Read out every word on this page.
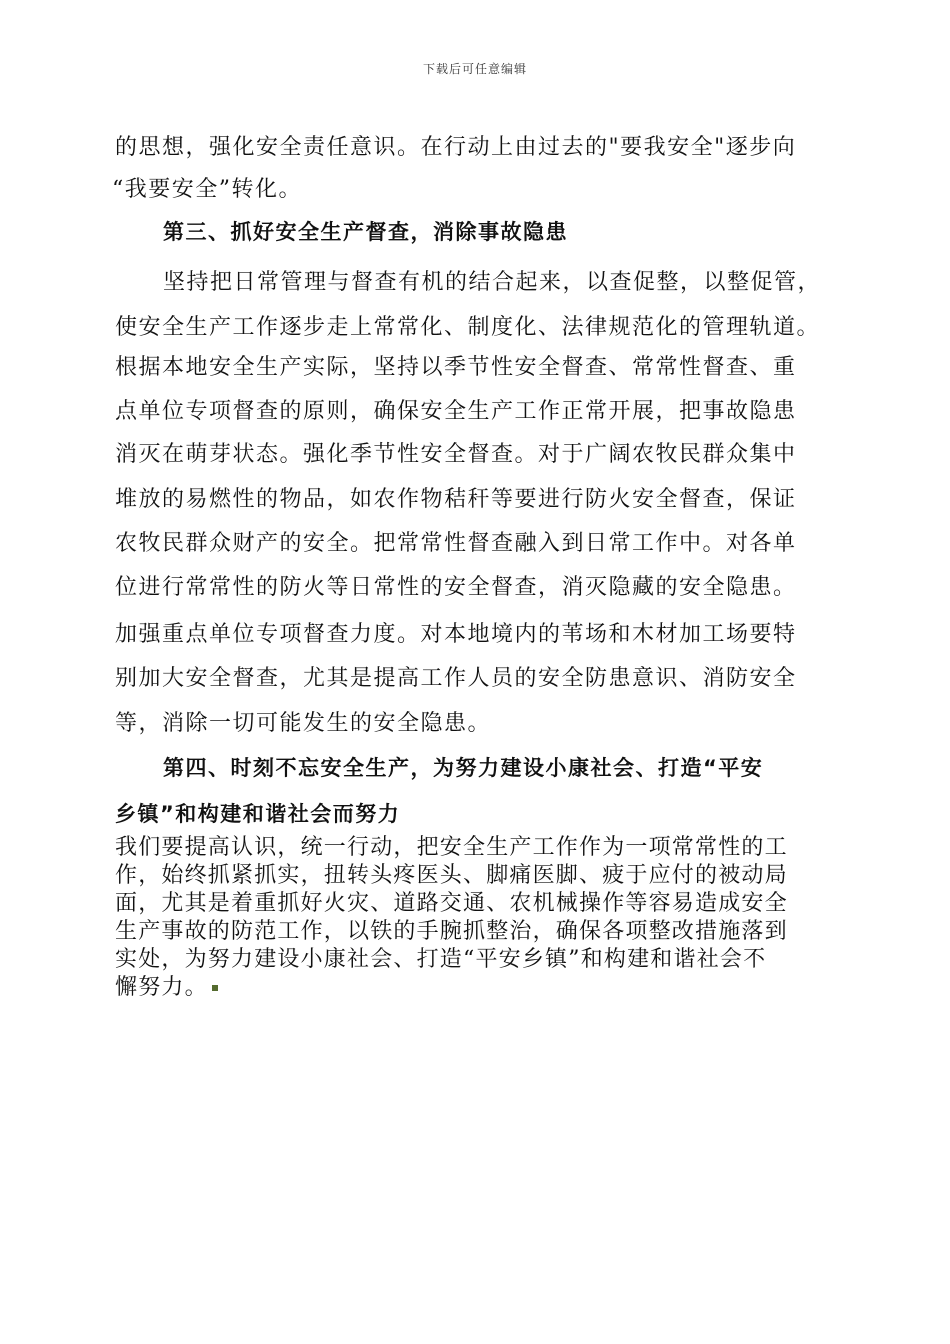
下载后可任意编辑
的思想，强化安全责任意识。在行动上由过去的"要我安全"逐步向
“我要安全”转化。
第三、抓好安全生产督查，消除事故隐患
坚持把日常管理与督查有机的结合起来，以查促整，以整促管，
使安全生产工作逐步走上常常化、制度化、法律规范化的管理轨道。
根据本地安全生产实际，坚持以季节性安全督查、常常性督查、重
点单位专项督查的原则，确保安全生产工作正常开展，把事故隐患
消灭在萌芽状态。强化季节性安全督查。对于广阔农牧民群众集中
堆放的易燃性的物品，如农作物秸秆等要进行防火安全督查，保证
农牧民群众财产的安全。把常常性督查融入到日常工作中。对各单
位进行常常性的防火等日常性的安全督查，消灭隐藏的安全隐患。
加强重点单位专项督查力度。对本地境内的苇场和木材加工场要特
别加大安全督查，尤其是提高工作人员的安全防患意识、消防安全
等，消除一切可能发生的安全隐患。
第四、时刻不忘安全生产，为努力建设小康社会、打造“平安
乡镇”和构建和谐社会而努力
我们要提高认识，统一行动，把安全生产工作作为一项常常性的工
作，始终抓紧抓实，扭转头疼医头、脚痛医脚、疲于应付的被动局
面，尤其是着重抓好火灾、道路交通、农机械操作等容易造成安全
生产事故的防范工作，以铁的手腕抓整治，确保各项整改措施落到
实处，为努力建设小康社会、打造“平安乡镇”和构建和谐社会不
懈努力。
